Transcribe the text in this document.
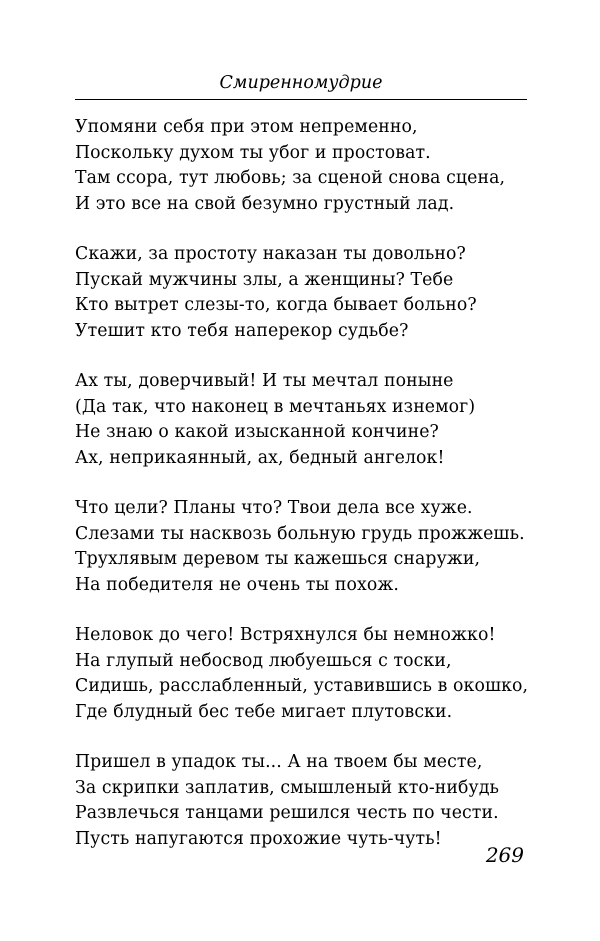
Смиренномудрие
Упомяни себя при этом непременно,
Поскольку духом ты убог и простоват.
Там ссора, тут любовь; за сценой снова сцена,
И это все на свой безумно грустный лад.
Скажи, за простоту наказан ты довольно?
Пускай мужчины злы, а женщины? Тебе
Кто вытрет слезы-то, когда бывает больно?
Утешит кто тебя наперекор судьбе?
Ах ты, доверчивый! И ты мечтал поныне
(Да так, что наконец в мечтаньях изнемог)
Не знаю о какой изысканной кончине?
Ах, неприкаянный, ах, бедный ангелок!
Что цели? Планы что? Твои дела все хуже.
Слезами ты насквозь больную грудь прожжешь.
Трухлявым деревом ты кажешься снаружи,
На победителя не очень ты похож.
Неловок до чего! Встряхнулся бы немножко!
На глупый небосвод любуешься с тоски,
Сидишь, расслабленный, уставившись в окошко,
Где блудный бес тебе мигает плутовски.
Пришел в упадок ты... А на твоем бы месте,
За скрипки заплатив, смышленый кто-нибудь
Развлечься танцами решился честь по чести.
Пусть напугаются прохожие чуть-чуть!
269
